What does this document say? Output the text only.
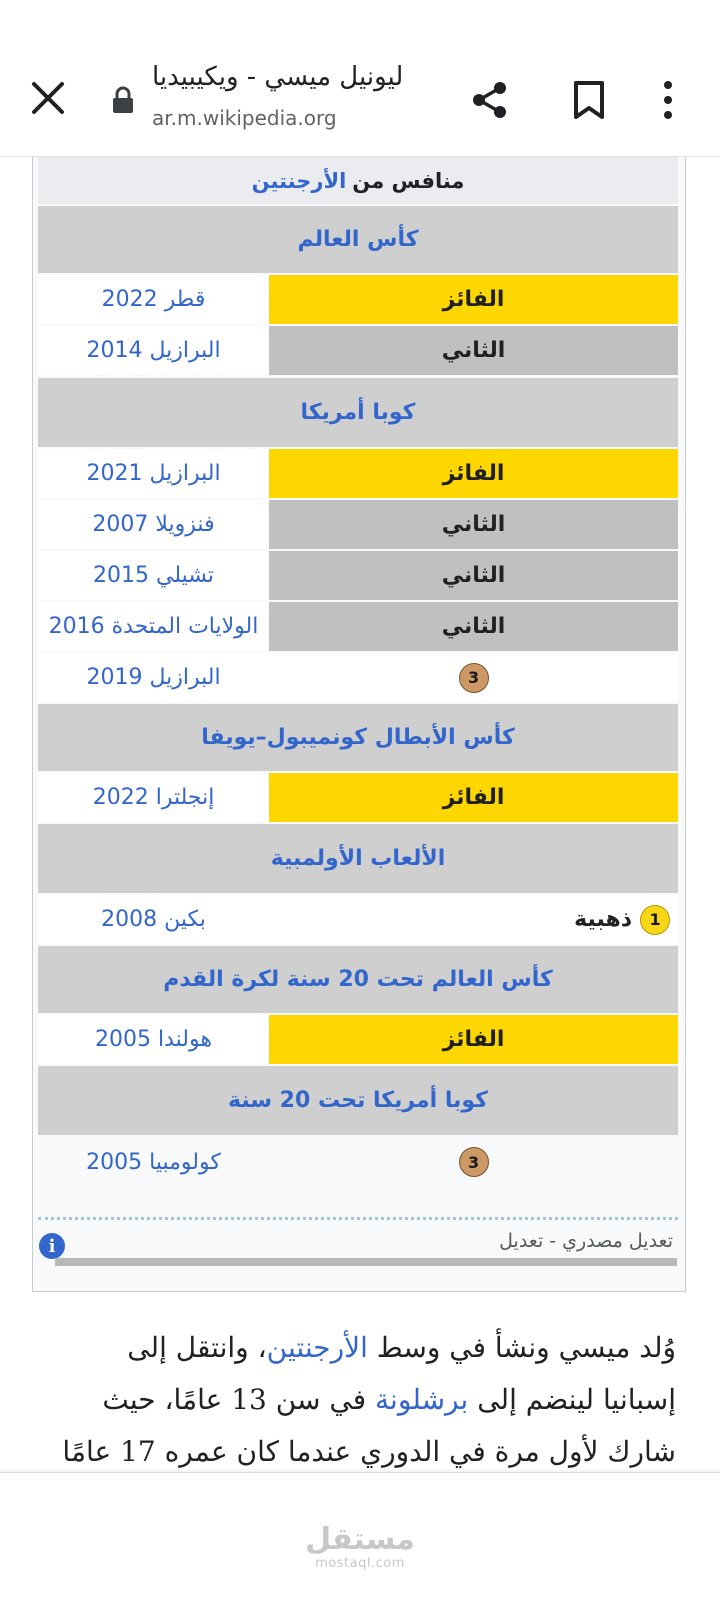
ليونيل ميسي - ويكيبيديا
ar.m.wikipedia.org
منافس من
الأرجنتين
كأس العالم
الفائز
قطر 2022
الثاني
البرازيل 2014
كوبا أمريكا
الفائز
البرازيل 2021
الثاني
فنزويلا 2007
الثاني
تشيلي 2015
الثاني
الولايات المتحدة 2016
3
البرازيل 2019
كأس الأبطال كونميبول–يويفا
الفائز
إنجلترا 2022
الألعاب الأولمبية
1
ذهبية
بكين 2008
كأس العالم تحت 20 سنة لكرة القدم
الفائز
هولندا 2005
كوبا أمريكا تحت 20 سنة
3
كولومبيا 2005
i	تعديل مصدري - تعديل
وُلد ميسي ونشأ في وسط الأرجنتين، وانتقل إلى إسبانيا لينضم إلى برشلونة في سن 13 عامًا، حيث شارك لأول مرة في الدوري عندما كان عمره 17 عامًا
مستقل
mostaql.com
